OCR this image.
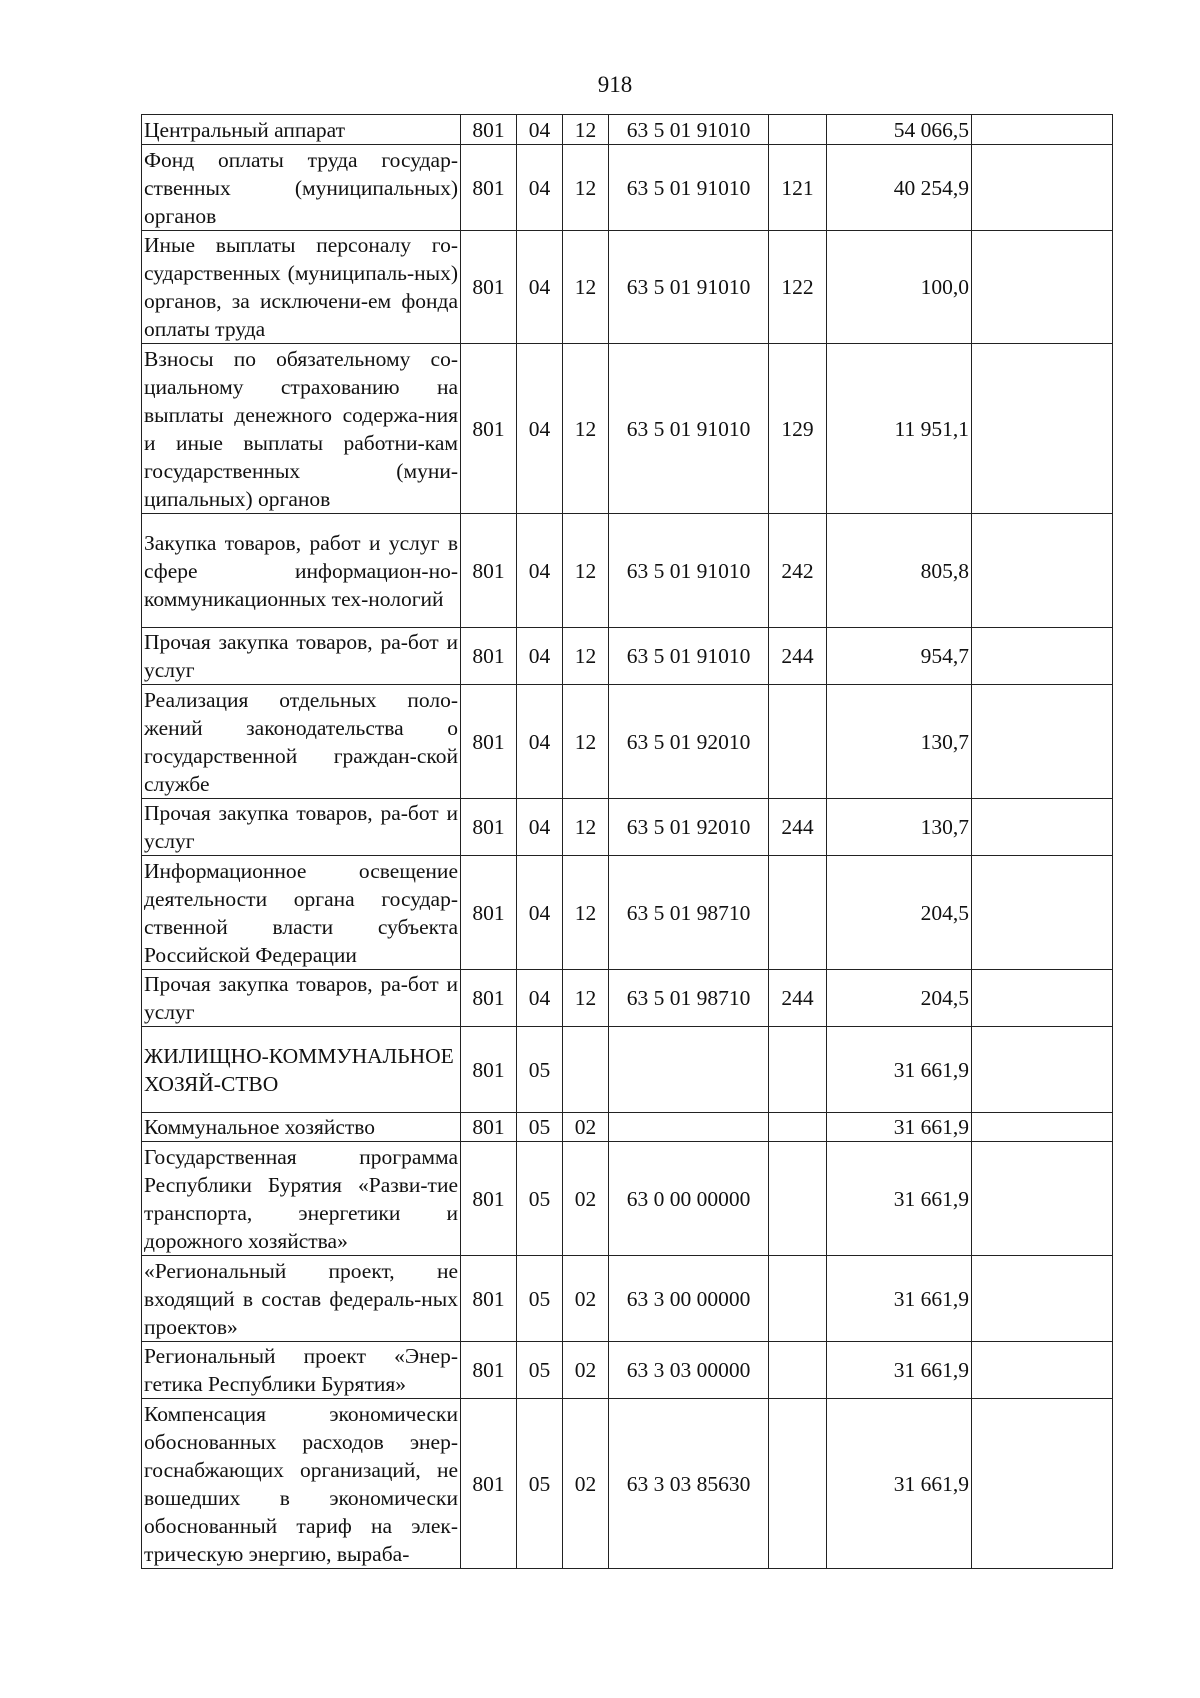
918
Центральный аппарат	801	04	12	63 5 01 91010		54 066,5	
Фонд оплаты труда государ-ственных (муниципальных) органов	801	04	12	63 5 01 91010	121	40 254,9	
Иные выплаты персоналу го-сударственных (муниципаль-ных) органов, за исключени-ем фонда оплаты труда	801	04	12	63 5 01 91010	122	100,0	
Взносы по обязательному со-циальному страхованию на выплаты денежного содержа-ния и иные выплаты работни-кам государственных (муни-ципальных) органов	801	04	12	63 5 01 91010	129	11 951,1	
Закупка товаров, работ и услуг в сфере информацион-но-коммуникационных тех-нологий	801	04	12	63 5 01 91010	242	805,8	
Прочая закупка товаров, ра-бот и услуг	801	04	12	63 5 01 91010	244	954,7	
Реализация отдельных поло-жений законодательства о государственной граждан-ской службе	801	04	12	63 5 01 92010		130,7	
Прочая закупка товаров, ра-бот и услуг	801	04	12	63 5 01 92010	244	130,7	
Информационное освещение деятельности органа государ-ственной власти субъекта Российской Федерации	801	04	12	63 5 01 98710		204,5	
Прочая закупка товаров, ра-бот и услуг	801	04	12	63 5 01 98710	244	204,5	
ЖИЛИЩНО-КОММУНАЛЬНОЕ ХОЗЯЙ-СТВО	801	05				31 661,9	
Коммунальное хозяйство	801	05	02			31 661,9	
Государственная программа Республики Бурятия «Разви-тие транспорта, энергетики и дорожного хозяйства»	801	05	02	63 0 00 00000		31 661,9	
«Региональный проект, не входящий в состав федераль-ных проектов»	801	05	02	63 3 00 00000		31 661,9	
Региональный проект «Энер-гетика Республики Бурятия»	801	05	02	63 3 03 00000		31 661,9	
Компенсация экономически обоснованных расходов энер-госнабжающих организаций, не вошедших в экономически обоснованный тариф на элек-трическую энергию, выраба-	801	05	02	63 3 03 85630		31 661,9	
